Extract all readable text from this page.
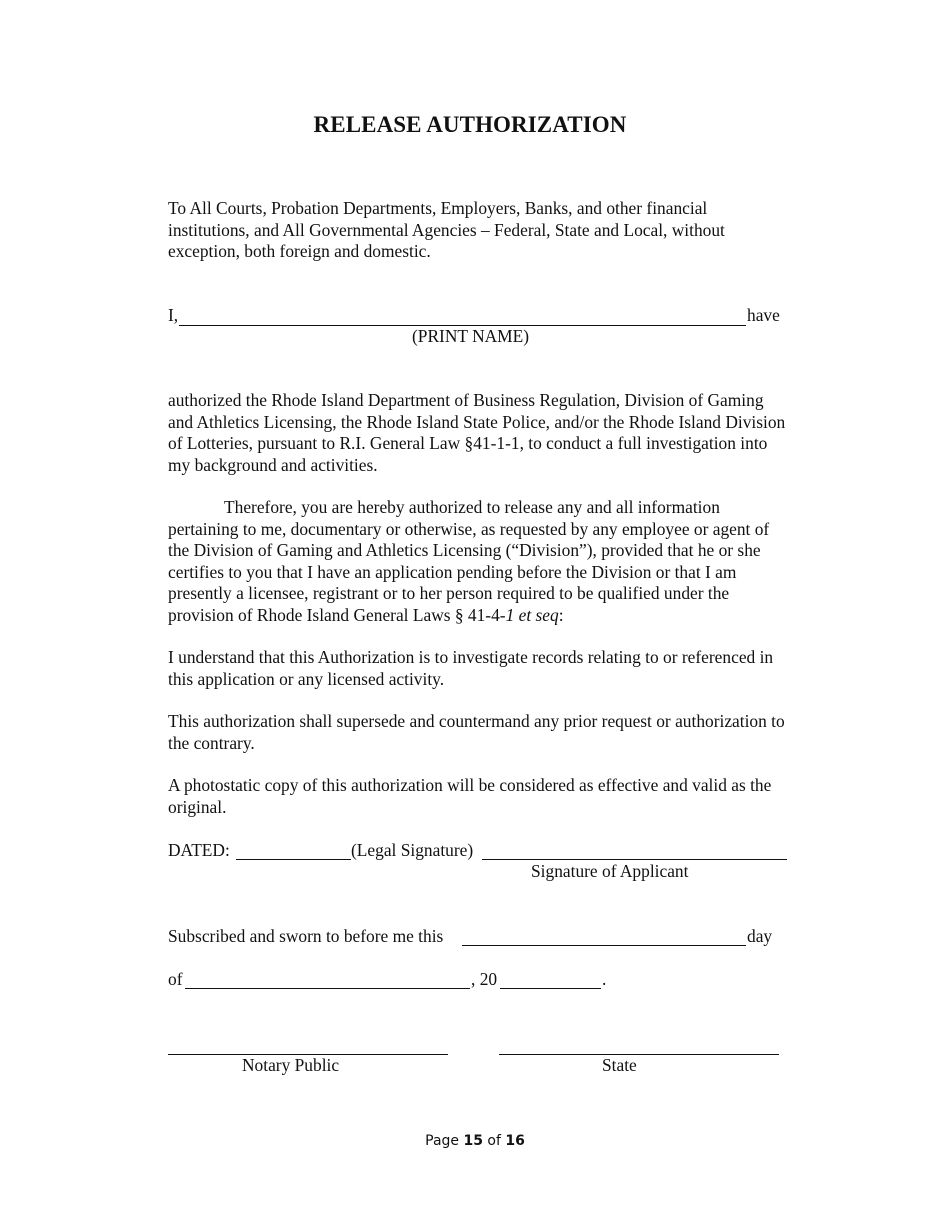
RELEASE AUTHORIZATION

To All Courts, Probation Departments, Employers, Banks, and other financial institutions, and All Governmental Agencies – Federal, State and Local, without exception, both foreign and domestic.

I,	have
(PRINT NAME)

authorized the Rhode Island Department of Business Regulation, Division of Gaming and Athletics Licensing, the Rhode Island State Police, and/or the Rhode Island Division of Lotteries, pursuant to R.I. General Law §41-1-1, to conduct a full investigation into my background and activities.

Therefore, you are hereby authorized to release any and all information pertaining to me, documentary or otherwise, as requested by any employee or agent of the Division of Gaming and Athletics Licensing (“Division”), provided that he or she certifies to you that I have an application pending before the Division or that I am presently a licensee, registrant or to her person required to be qualified under the provision of Rhode Island General Laws § 41-4-1 et seq:

I understand that this Authorization is to investigate records relating to or referenced in this application or any licensed activity.

This authorization shall supersede and countermand any prior request or authorization to the contrary.

A photostatic copy of this authorization will be considered as effective and valid as the original.

DATED:	(Legal Signature)
Signature of Applicant
Subscribed and sworn to before me this	day
of	, 20	.
Notary Public	State
Page 15 of 16
